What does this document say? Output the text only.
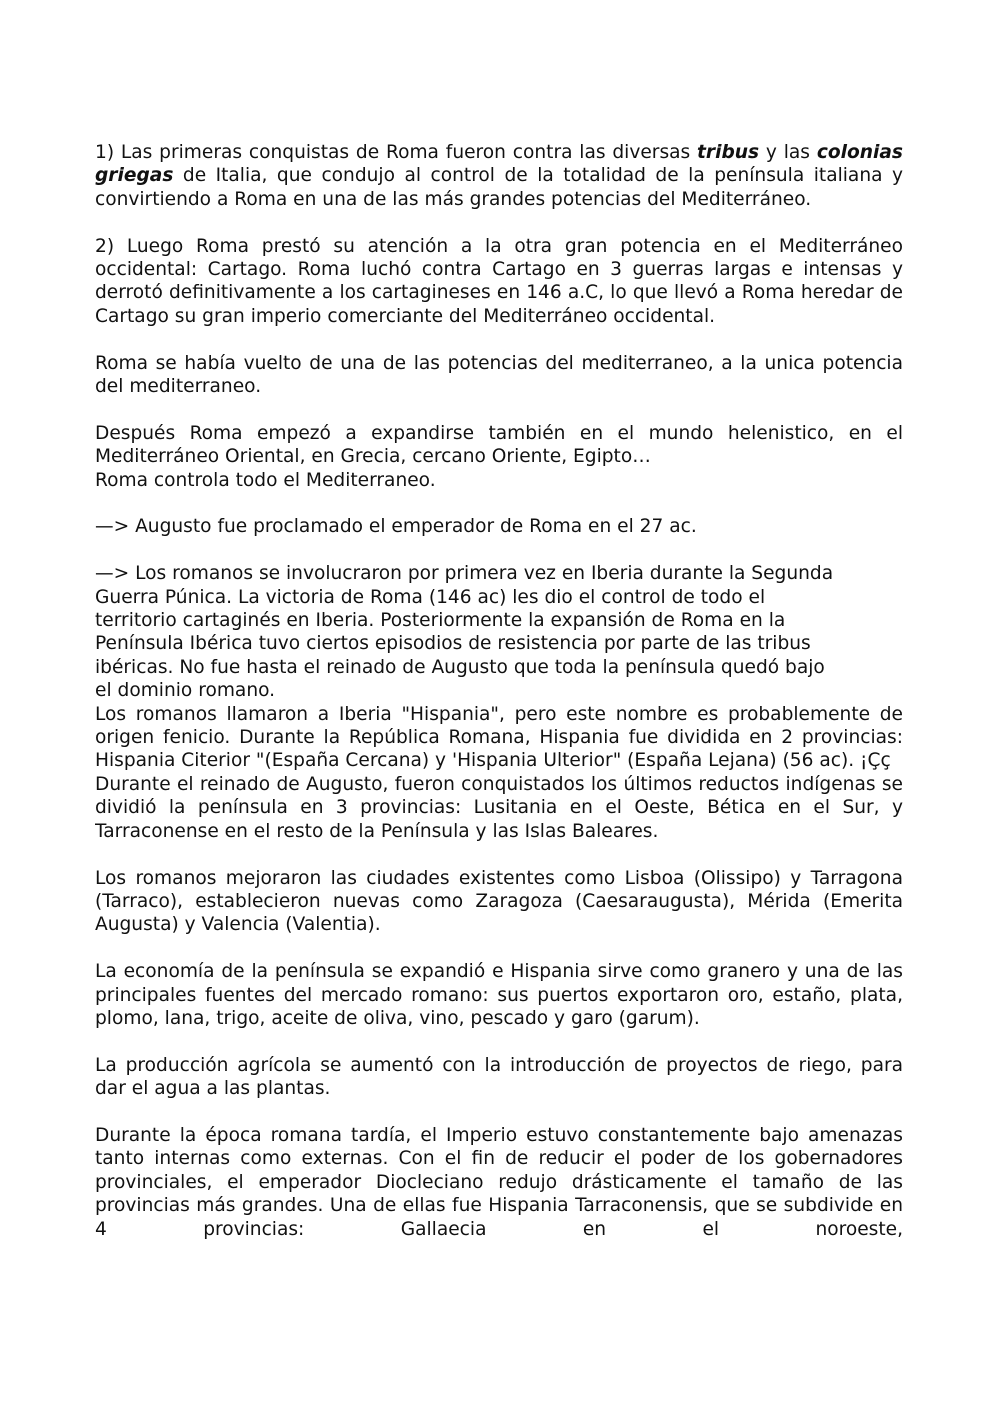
1) Las primeras conquistas de Roma fueron contra las diversas tribus y las colonias griegas de Italia, que condujo al control de la totalidad de la península italiana y convirtiendo a Roma en una de las más grandes potencias del Mediterráneo.

2) Luego Roma prestó su atención a la otra gran potencia en el Mediterráneo occidental: Cartago. Roma luchó contra Cartago en 3 guerras largas e intensas y derrotó definitivamente a los cartagineses en 146 a.C, lo que llevó a Roma heredar de Cartago su gran imperio comerciante del Mediterráneo occidental.

Roma se había vuelto de una de las potencias del mediterraneo, a la unica potencia del mediterraneo.

Después Roma empezó a expandirse también en el mundo helenistico, en el Mediterráneo Oriental, en Grecia, cercano Oriente, Egipto…

Roma controla todo el Mediterraneo.

—> Augusto fue proclamado el emperador de Roma en el 27 ac.

—> Los romanos se involucraron por primera vez en Iberia durante la Segunda
Guerra Púnica. La victoria de Roma (146 ac) les dio el control de todo el
territorio cartaginés en Iberia. Posteriormente la expansión de Roma en la
Península Ibérica tuvo ciertos episodios de resistencia por parte de las tribus
ibéricas. No fue hasta el reinado de Augusto que toda la península quedó bajo
el dominio romano.

Los romanos llamaron a Iberia "Hispania", pero este nombre es probablemente de origen fenicio. Durante la República Romana, Hispania fue dividida en 2 provincias: Hispania Citerior "(España Cercana) y 'Hispania Ulterior" (España Lejana) (56 ac). ¡Çç

Durante el reinado de Augusto, fueron conquistados los últimos reductos indígenas se dividió la península en 3 provincias: Lusitania en el Oeste, Bética en el Sur, y Tarraconense en el resto de la Península y las Islas Baleares.

Los romanos mejoraron las ciudades existentes como Lisboa (Olissipo) y Tarragona (Tarraco), establecieron nuevas como Zaragoza (Caesaraugusta), Mérida (Emerita Augusta) y Valencia (Valentia).

La economía de la península se expandió e Hispania sirve como granero y una de las principales fuentes del mercado romano: sus puertos exportaron oro, estaño, plata, plomo, lana, trigo, aceite de oliva, vino, pescado y garo (garum).

La producción agrícola se aumentó con la introducción de proyectos de riego, para dar el agua a las plantas.

Durante la época romana tardía, el Imperio estuvo constantemente bajo amenazas tanto internas como externas. Con el fin de reducir el poder de los gobernadores provinciales, el emperador Diocleciano redujo drásticamente el tamaño de las provincias más grandes. Una de ellas fue Hispania Tarraconensis, que se subdivide en 4 provincias: Gallaecia en el noroeste,
